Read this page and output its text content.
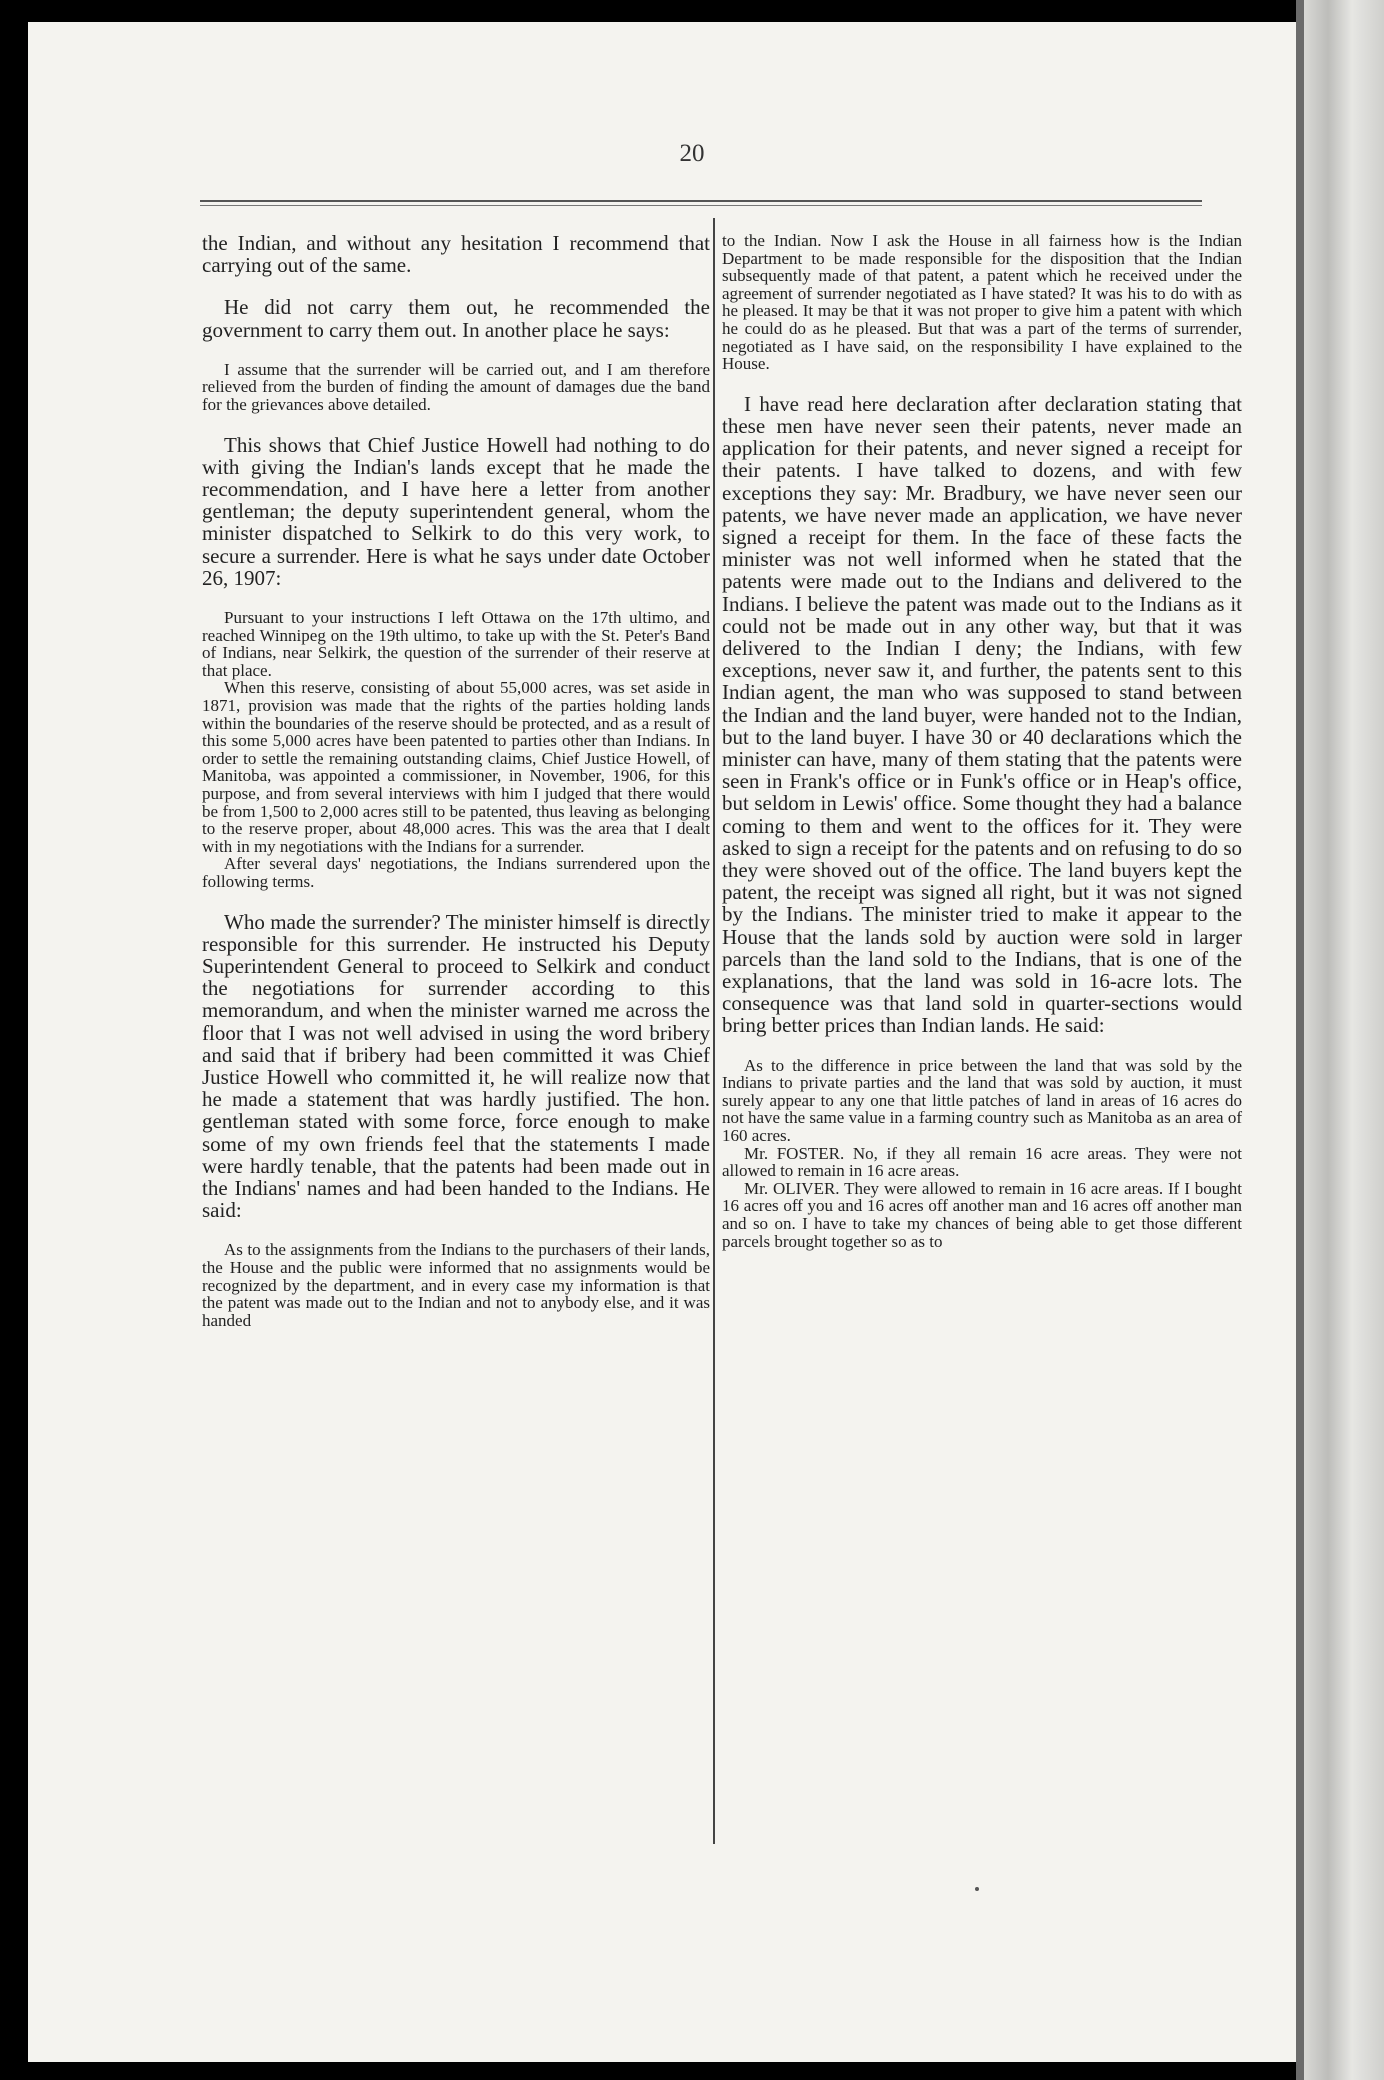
20

the Indian, and without any hesitation I recommend that carrying out of the same.

He did not carry them out, he recommended the government to carry them out. In another place he says:

I assume that the surrender will be carried out, and I am therefore relieved from the burden of finding the amount of damages due the band for the grievances above detailed.

This shows that Chief Justice Howell had nothing to do with giving the Indian's lands except that he made the recommendation, and I have here a letter from another gentleman; the deputy superintendent general, whom the minister dispatched to Selkirk to do this very work, to secure a surrender. Here is what he says under date October 26, 1907:

Pursuant to your instructions I left Ottawa on the 17th ultimo, and reached Winnipeg on the 19th ultimo, to take up with the St. Peter's Band of Indians, near Selkirk, the question of the surrender of their reserve at that place.

When this reserve, consisting of about 55,000 acres, was set aside in 1871, provision was made that the rights of the parties holding lands within the boundaries of the reserve should be protected, and as a result of this some 5,000 acres have been patented to parties other than Indians. In order to settle the remaining outstanding claims, Chief Justice Howell, of Manitoba, was appointed a commissioner, in November, 1906, for this purpose, and from several interviews with him I judged that there would be from 1,500 to 2,000 acres still to be patented, thus leaving as belonging to the reserve proper, about 48,000 acres. This was the area that I dealt with in my negotiations with the Indians for a surrender.

After several days' negotiations, the Indians surrendered upon the following terms.

Who made the surrender? The minister himself is directly responsible for this surrender. He instructed his Deputy Superintendent General to proceed to Selkirk and conduct the negotiations for surrender according to this memorandum, and when the minister warned me across the floor that I was not well advised in using the word bribery and said that if bribery had been committed it was Chief Justice Howell who committed it, he will realize now that he made a statement that was hardly justified. The hon. gentleman stated with some force, force enough to make some of my own friends feel that the statements I made were hardly tenable, that the patents had been made out in the Indians' names and had been handed to the Indians. He said:

As to the assignments from the Indians to the purchasers of their lands, the House and the public were informed that no assignments would be recognized by the department, and in every case my information is that the patent was made out to the Indian and not to anybody else, and it was handed

to the Indian. Now I ask the House in all fairness how is the Indian Department to be made responsible for the disposition that the Indian subsequently made of that patent, a patent which he received under the agreement of surrender negotiated as I have stated? It was his to do with as he pleased. It may be that it was not proper to give him a patent with which he could do as he pleased. But that was a part of the terms of surrender, negotiated as I have said, on the responsibility I have explained to the House.

I have read here declaration after declaration stating that these men have never seen their patents, never made an application for their patents, and never signed a receipt for their patents. I have talked to dozens, and with few exceptions they say: Mr. Bradbury, we have never seen our patents, we have never made an application, we have never signed a receipt for them. In the face of these facts the minister was not well informed when he stated that the patents were made out to the Indians and delivered to the Indians. I believe the patent was made out to the Indians as it could not be made out in any other way, but that it was delivered to the Indian I deny; the Indians, with few exceptions, never saw it, and further, the patents sent to this Indian agent, the man who was supposed to stand between the Indian and the land buyer, were handed not to the Indian, but to the land buyer. I have 30 or 40 declarations which the minister can have, many of them stating that the patents were seen in Frank's office or in Funk's office or in Heap's office, but seldom in Lewis' office. Some thought they had a balance coming to them and went to the offices for it. They were asked to sign a receipt for the patents and on refusing to do so they were shoved out of the office. The land buyers kept the patent, the receipt was signed all right, but it was not signed by the Indians. The minister tried to make it appear to the House that the lands sold by auction were sold in larger parcels than the land sold to the Indians, that is one of the explanations, that the land was sold in 16-acre lots. The consequence was that land sold in quarter-sections would bring better prices than Indian lands. He said:

As to the difference in price between the land that was sold by the Indians to private parties and the land that was sold by auction, it must surely appear to any one that little patches of land in areas of 16 acres do not have the same value in a farming country such as Manitoba as an area of 160 acres.

Mr. FOSTER. No, if they all remain 16 acre areas. They were not allowed to remain in 16 acre areas.

Mr. OLIVER. They were allowed to remain in 16 acre areas. If I bought 16 acres off you and 16 acres off another man and 16 acres off another man and so on. I have to take my chances of being able to get those different parcels brought together so as to
